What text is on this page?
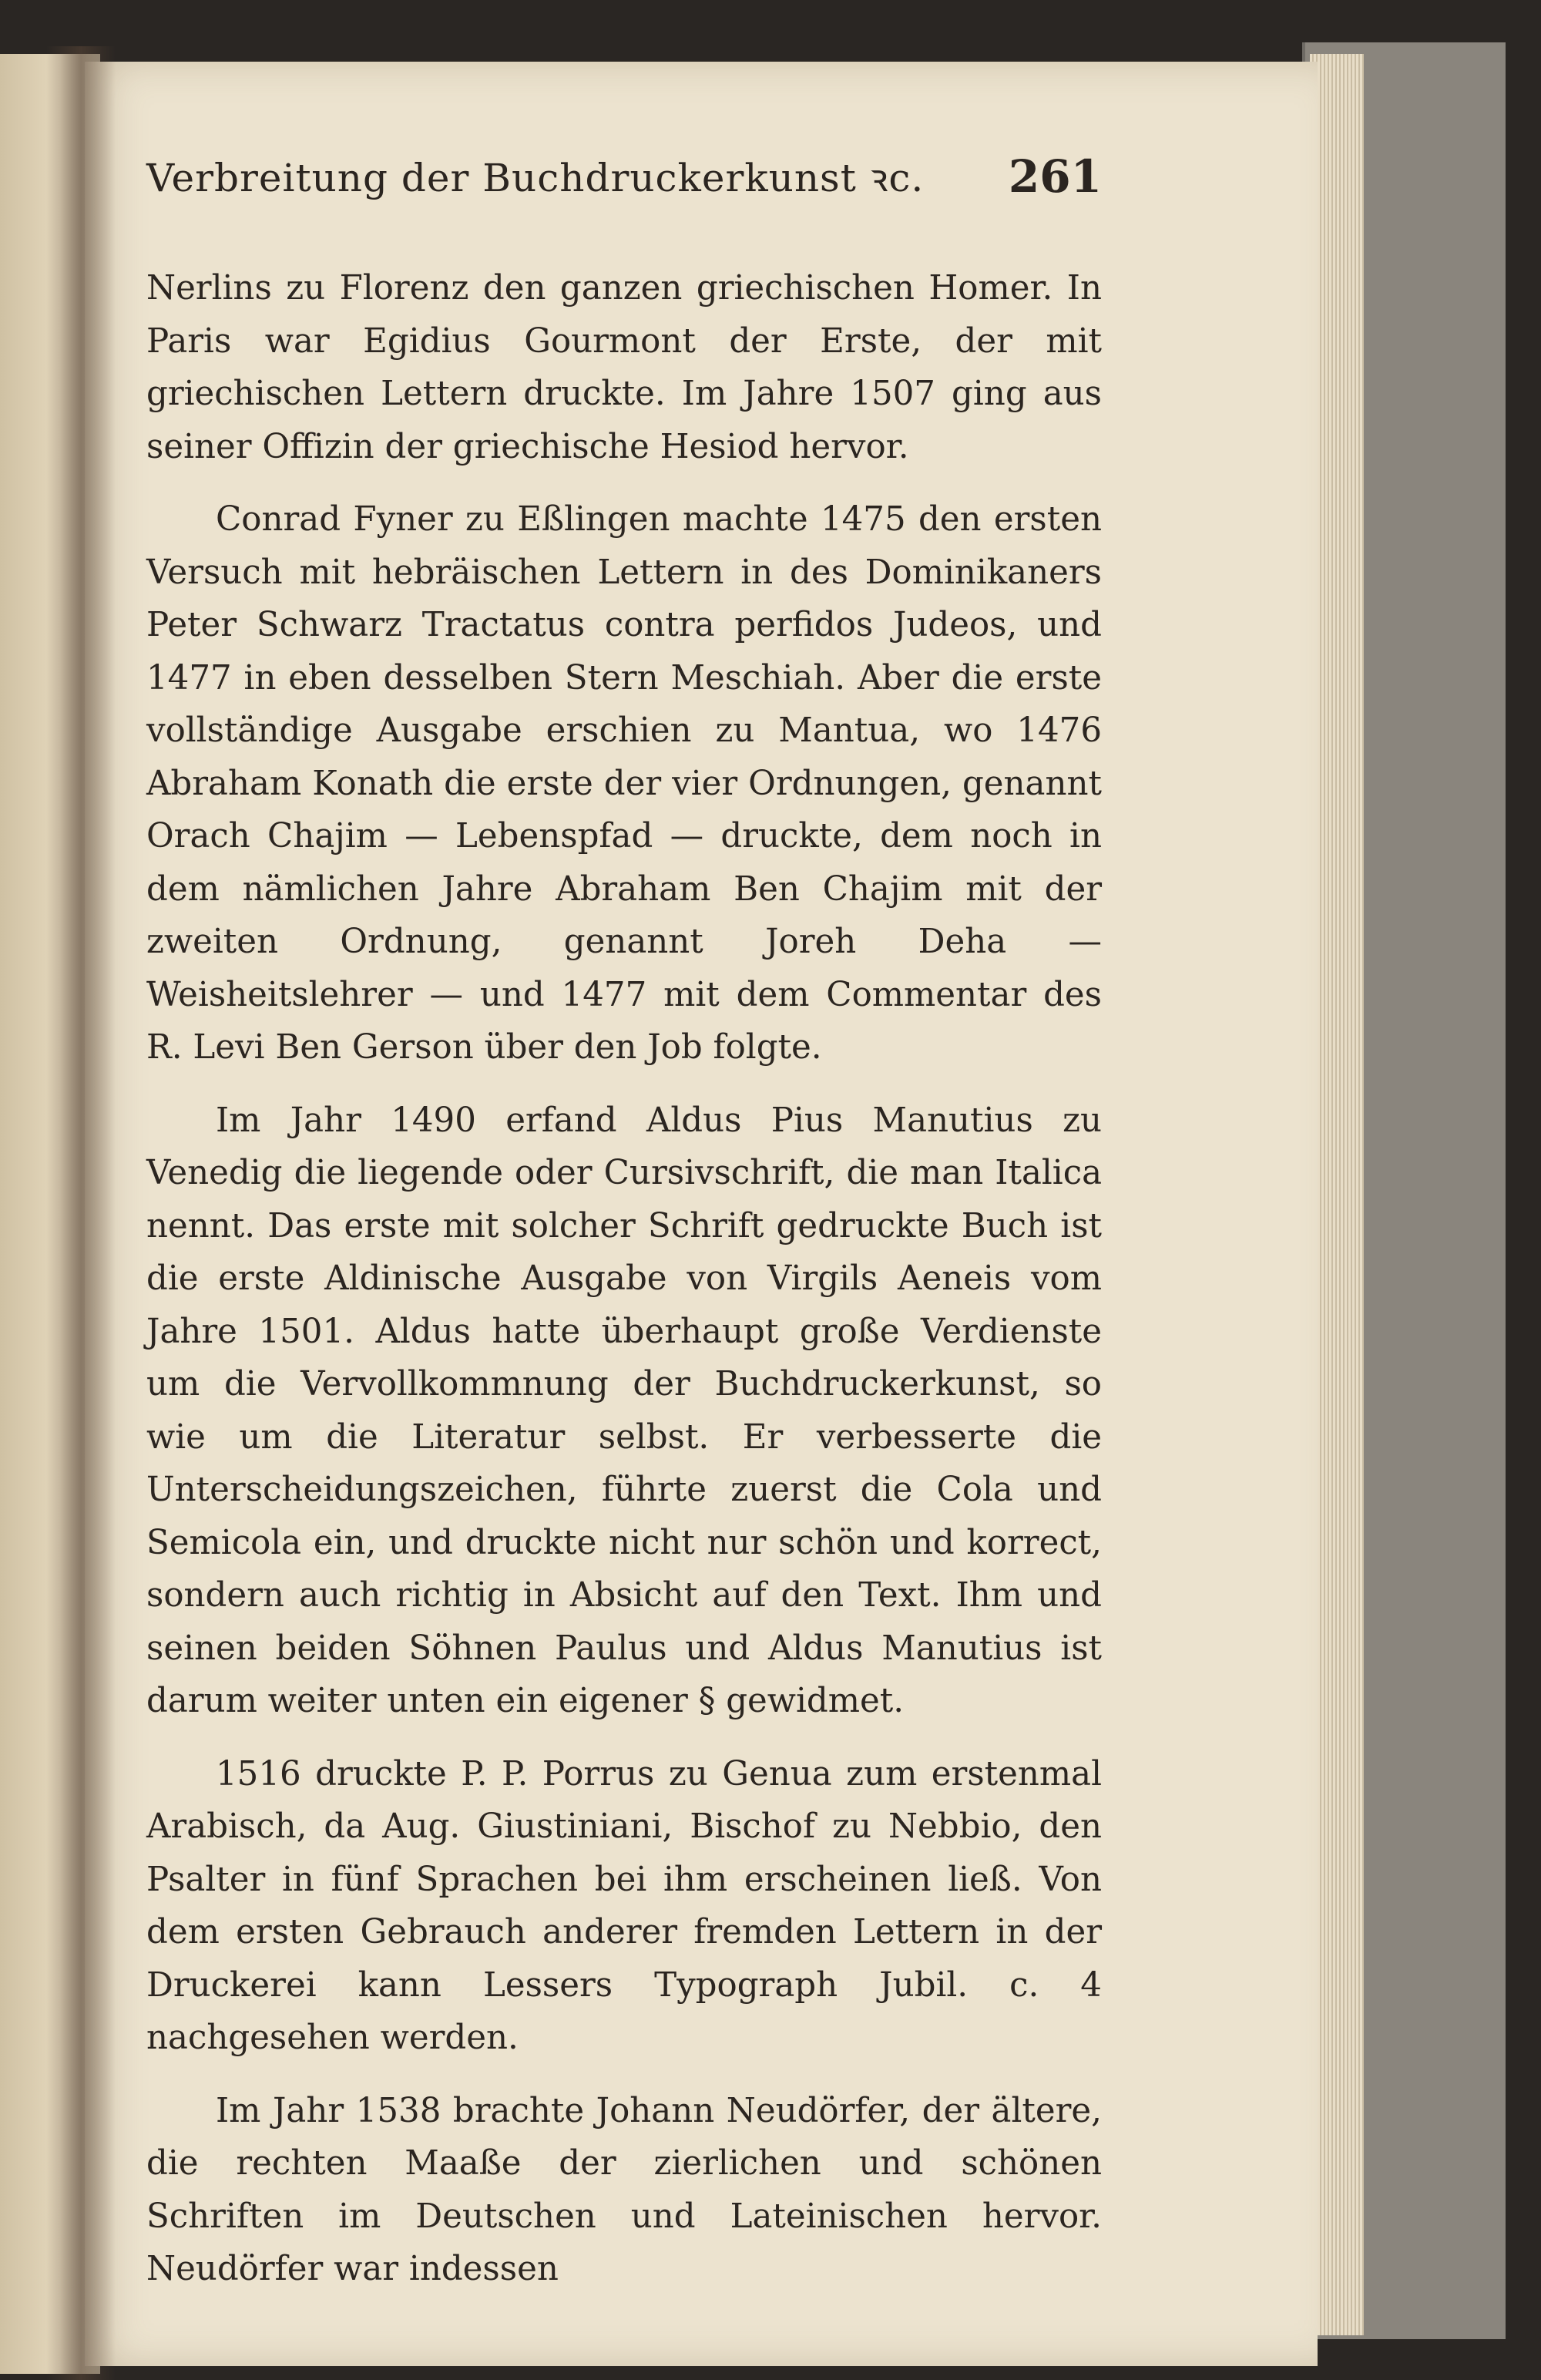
Verbreitung der Buchdruckerkunst ꝛc. 261

Nerlins zu Florenz den ganzen griechischen Homer. In Paris war Egidius Gourmont der Erste, der mit griechischen Lettern druckte. Im Jahre 1507 ging aus seiner Offizin der griechische Hesiod hervor.

Conrad Fyner zu Eßlingen machte 1475 den ersten Versuch mit hebräischen Lettern in des Dominikaners Peter Schwarz Tractatus contra perfidos Judeos, und 1477 in eben desselben Stern Meschiah. Aber die erste vollständige Ausgabe erschien zu Mantua, wo 1476 Abraham Konath die erste der vier Ordnungen, genannt Orach Chajim — Lebenspfad — druckte, dem noch in dem nämlichen Jahre Abraham Ben Chajim mit der zweiten Ordnung, genannt Joreh Deha — Weisheitslehrer — und 1477 mit dem Commentar des R. Levi Ben Gerson über den Job folgte.

Im Jahr 1490 erfand Aldus Pius Manutius zu Venedig die liegende oder Cursivschrift, die man Italica nennt. Das erste mit solcher Schrift gedruckte Buch ist die erste Aldinische Ausgabe von Virgils Aeneis vom Jahre 1501. Aldus hatte überhaupt große Verdienste um die Vervollkommnung der Buchdruckerkunst, so wie um die Literatur selbst. Er verbesserte die Unterscheidungszeichen, führte zuerst die Cola und Semicola ein, und druckte nicht nur schön und korrect, sondern auch richtig in Absicht auf den Text. Ihm und seinen beiden Söhnen Paulus und Aldus Manutius ist darum weiter unten ein eigener § gewidmet.

1516 druckte P. P. Porrus zu Genua zum erstenmal Arabisch, da Aug. Giustiniani, Bischof zu Nebbio, den Psalter in fünf Sprachen bei ihm erscheinen ließ. Von dem ersten Gebrauch anderer fremden Lettern in der Druckerei kann Lessers Typograph Jubil. c. 4 nachgesehen werden.

Im Jahr 1538 brachte Johann Neudörfer, der ältere, die rechten Maaße der zierlichen und schönen Schriften im Deutschen und Lateinischen hervor. Neudörfer war indessen
